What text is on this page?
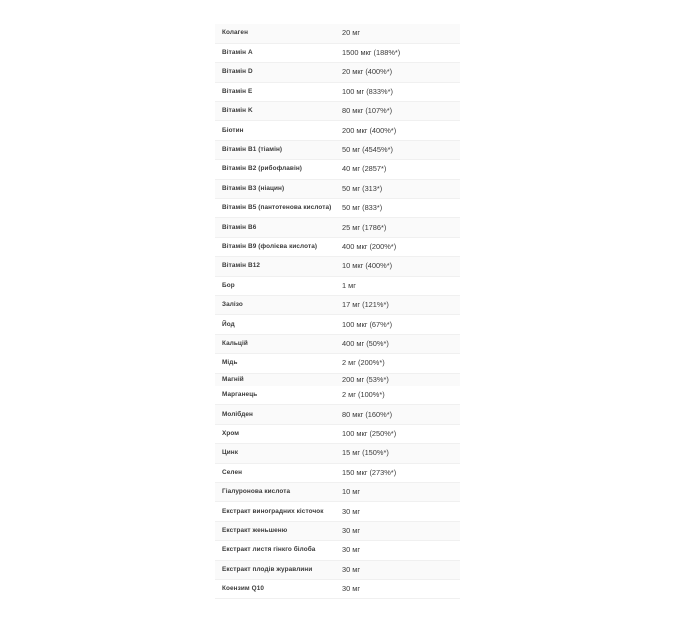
Колаген	20 мг
Вітамін A	1500 мкг (188%*)
Вітамін D	20 мкг (400%*)
Вітамін E	100 мг (833%*)
Вітамін K	80 мкг (107%*)
Біотин	200 мкг (400%*)
Вітамін B1 (тіамін)	50 мг (4545%*)
Вітамін B2 (рибофлавін)	40 мг (2857*)
Вітамін B3 (ніацин)	50 мг (313*)
Вітамін B5 (пантотенова кислота)	50 мг (833*)
Вітамін B6	25 мг (1786*)
Вітамін B9 (фолієва кислота)	400 мкг (200%*)
Вітамін B12	10 мкг (400%*)
Бор	1 мг
Залізо	17 мг (121%*)
Йод	100 мкг (67%*)
Кальцій	400 мг (50%*)
Мідь	2 мг (200%*)
Магній	200 мг (53%*)
Марганець	2 мг (100%*)
Молібден	80 мкг (160%*)
Хром	100 мкг (250%*)
Цинк	15 мг (150%*)
Селен	150 мкг (273%*)
Гіалуронова кислота	10 мг
Екстракт виноградних кісточок	30 мг
Екстракт женьшеню	30 мг
Екстракт листя гінкго білоба	30 мг
Екстракт плодів журавлини	30 мг
Коензим Q10	30 мг
